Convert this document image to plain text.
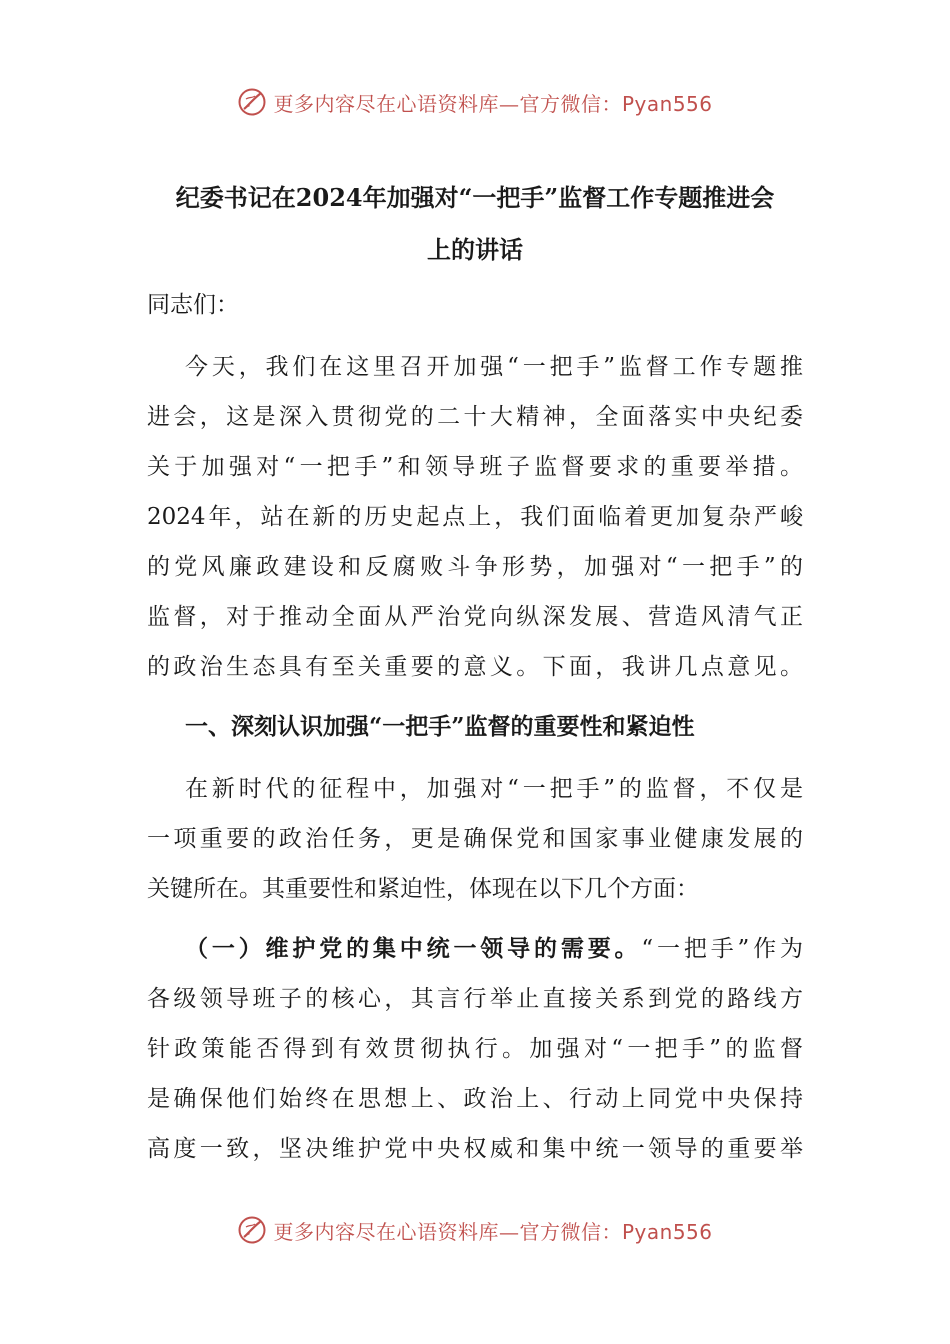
更多内容尽在心语资料库—官方微信：Pyan556
纪委书记在2024年加强对“一把手”监督工作专题推进会
上的讲话
同志们：
今天，我们在这里召开加强“一把手”监督工作专题推
进会，这是深入贯彻党的二十大精神，全面落实中央纪委
关于加强对“一把手”和领导班子监督要求的重要举措。
2024年，站在新的历史起点上，我们面临着更加复杂严峻
的党风廉政建设和反腐败斗争形势，加强对“一把手”的
监督，对于推动全面从严治党向纵深发展、营造风清气正
的政治生态具有至关重要的意义。下面，我讲几点意见。
一、深刻认识加强“一把手”监督的重要性和紧迫性
在新时代的征程中，加强对“一把手”的监督，不仅是
一项重要的政治任务，更是确保党和国家事业健康发展的
关键所在。其重要性和紧迫性，体现在以下几个方面：
（一）维护党的集中统一领导的需要。“一把手”作为
各级领导班子的核心，其言行举止直接关系到党的路线方
针政策能否得到有效贯彻执行。加强对“一把手”的监督
是确保他们始终在思想上、政治上、行动上同党中央保持
高度一致，坚决维护党中央权威和集中统一领导的重要举
更多内容尽在心语资料库—官方微信：Pyan556
